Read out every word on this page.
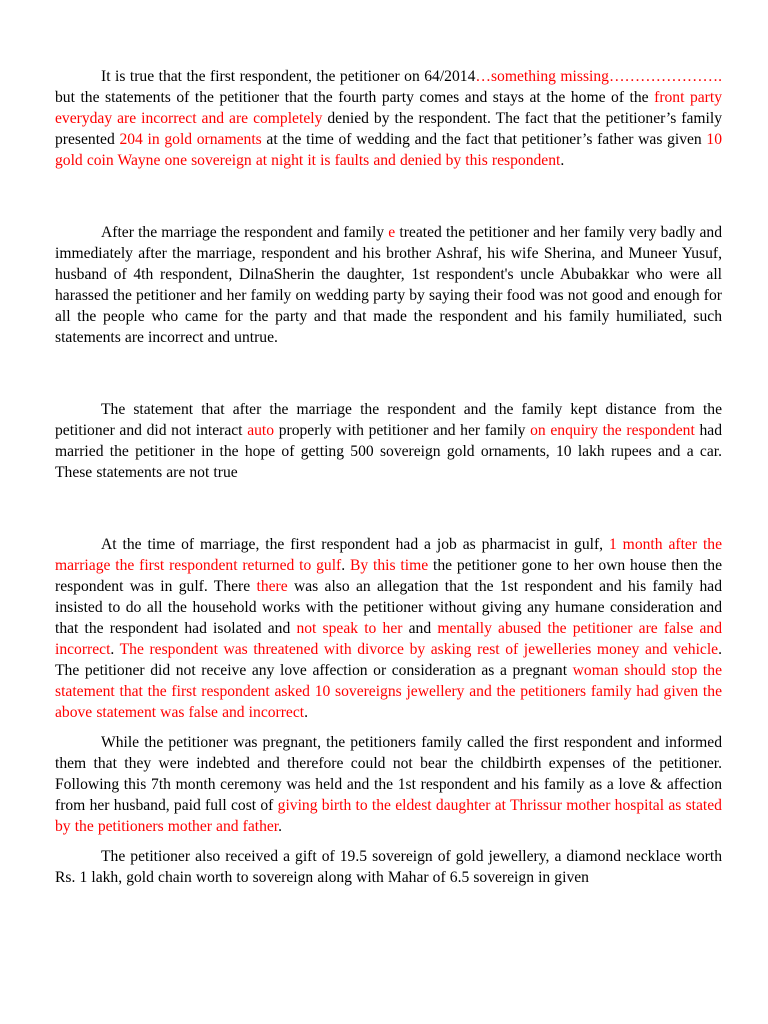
It is true that the first respondent, the petitioner on 64/2014…something missing…………………. but the statements of the petitioner that the fourth party comes and stays at the home of the front party everyday are incorrect and are completely denied by the respondent. The fact that the petitioner’s family presented 204 in gold ornaments at the time of wedding and the fact that petitioner’s father was given 10 gold coin Wayne one sovereign at night it is faults and denied by this respondent.

After the marriage the respondent and family e treated the petitioner and her family very badly and immediately after the marriage, respondent and his brother Ashraf, his wife Sherina, and Muneer Yusuf, husband of 4th respondent, DilnaSherin the daughter, 1st respondent's uncle Abubakkar who were all harassed the petitioner and her family on wedding party by saying their food was not good and enough for all the people who came for the party and that made the respondent and his family humiliated, such statements are incorrect and untrue.

The statement that after the marriage the respondent and the family kept distance from the petitioner and did not interact auto properly with petitioner and her family on enquiry the respondent had married the petitioner in the hope of getting 500 sovereign gold ornaments, 10 lakh rupees and a car. These statements are not true

At the time of marriage, the first respondent had a job as pharmacist in gulf, 1 month after the marriage the first respondent returned to gulf. By this time the petitioner gone to her own house then the respondent was in gulf. There there was also an allegation that the 1st respondent and his family had insisted to do all the household works with the petitioner without giving any humane consideration and that the respondent had isolated and not speak to her and mentally abused the petitioner are false and incorrect. The respondent was threatened with divorce by asking rest of jewelleries money and vehicle. The petitioner did not receive any love affection or consideration as a pregnant woman should stop the statement that the first respondent asked 10 sovereigns jewellery and the petitioners family had given the above statement was false and incorrect.

While the petitioner was pregnant, the petitioners family called the first respondent and informed them that they were indebted and therefore could not bear the childbirth expenses of the petitioner. Following this 7th month ceremony was held and the 1st respondent and his family as a love & affection from her husband, paid full cost of giving birth to the eldest daughter at Thrissur mother hospital as stated by the petitioners mother and father.

The petitioner also received a gift of 19.5 sovereign of gold jewellery, a diamond necklace worth Rs. 1 lakh, gold chain worth to sovereign along with Mahar of 6.5 sovereign in given
